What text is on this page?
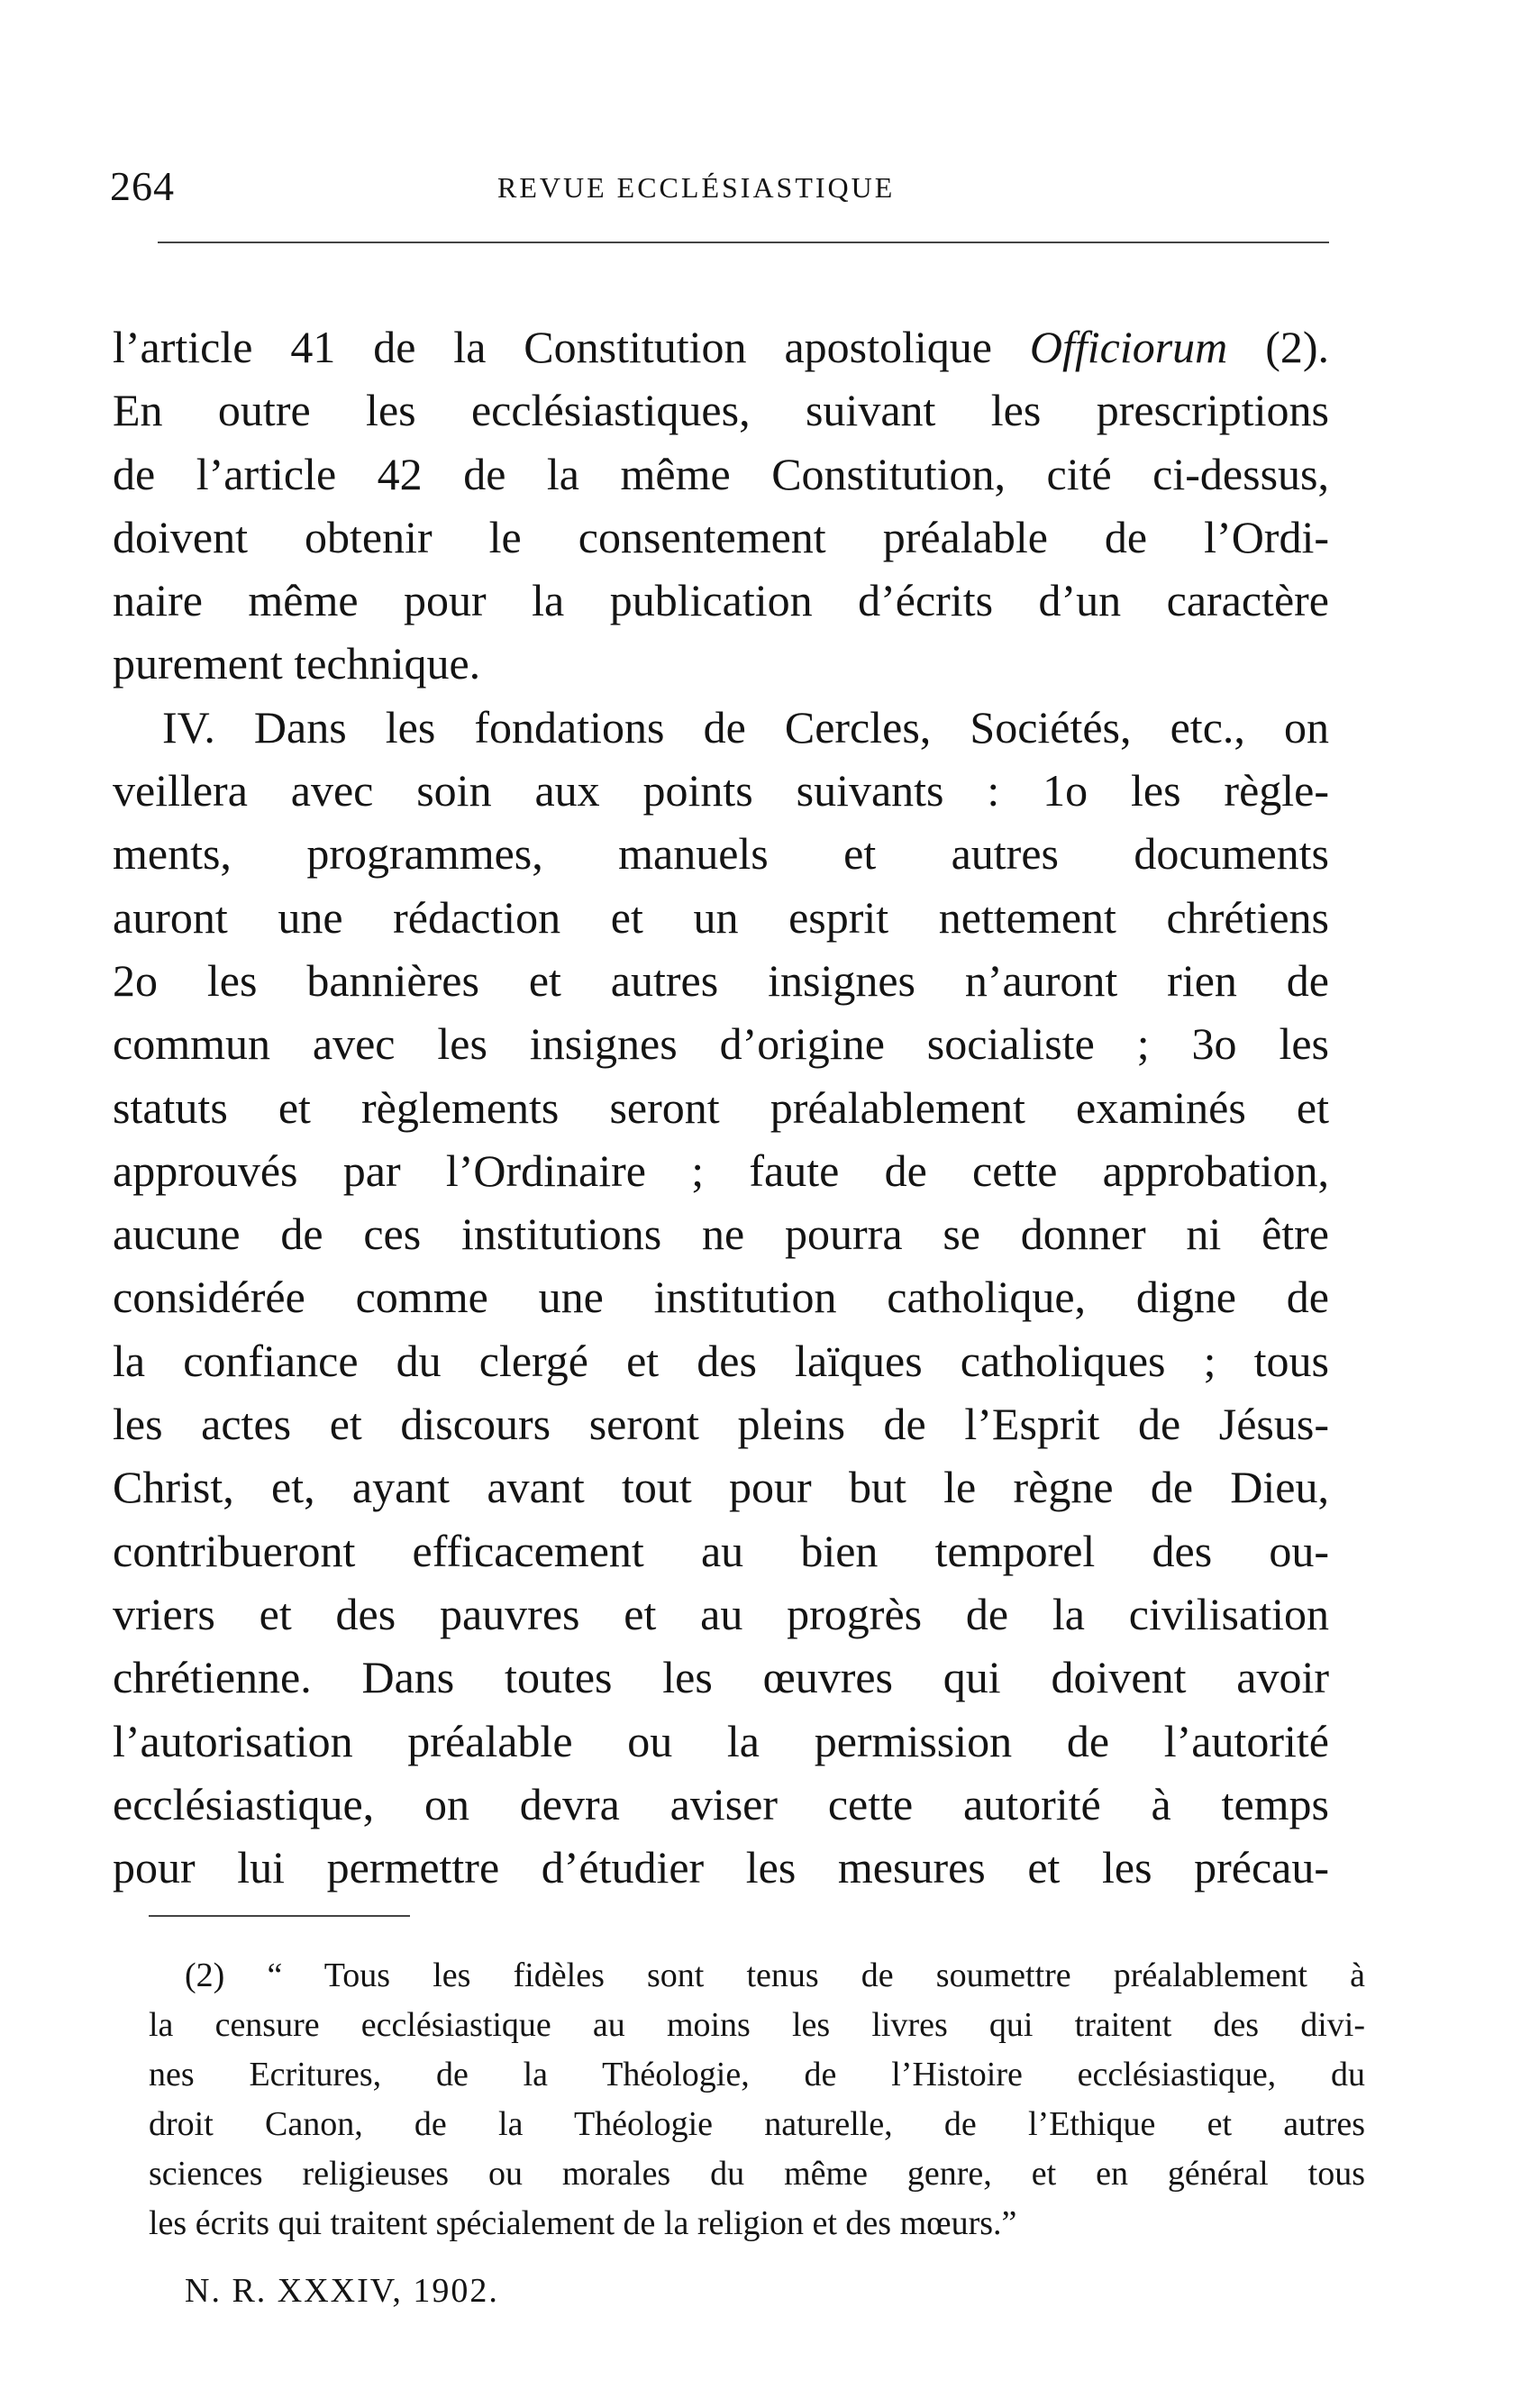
264	REVUE ECCLÉSIASTIQUE
l’article 41 de la Constitution apostolique Officiorum (2).
En outre les ecclésiastiques, suivant les prescriptions
de l’article 42 de la même Constitution, cité ci-dessus,
doivent obtenir le consentement préalable de l’Ordi-
naire même pour la publication d’écrits d’un caractère
purement technique.
IV. Dans les fondations de Cercles, Sociétés, etc., on
veillera avec soin aux points suivants : 1o les règle-
ments, programmes, manuels et autres documents
auront une rédaction et un esprit nettement chrétiens
2o les bannières et autres insignes n’auront rien de
commun avec les insignes d’origine socialiste ; 3o les
statuts et règlements seront préalablement examinés et
approuvés par l’Ordinaire ; faute de cette approbation,
aucune de ces institutions ne pourra se donner ni être
considérée comme une institution catholique, digne de
la confiance du clergé et des laïques catholiques ; tous
les actes et discours seront pleins de l’Esprit de Jésus-
Christ, et, ayant avant tout pour but le règne de Dieu,
contribueront efficacement au bien temporel des ou-
vriers et des pauvres et au progrès de la civilisation
chrétienne. Dans toutes les œuvres qui doivent avoir
l’autorisation préalable ou la permission de l’autorité
ecclésiastique, on devra aviser cette autorité à temps
pour lui permettre d’étudier les mesures et les précau-
(2) “ Tous les fidèles sont tenus de soumettre préalablement à
la censure ecclésiastique au moins les livres qui traitent des divi-
nes Ecritures, de la Théologie, de l’Histoire ecclésiastique, du
droit Canon, de la Théologie naturelle, de l’Ethique et autres
sciences religieuses ou morales du même genre, et en général tous
les écrits qui traitent spécialement de la religion et des mœurs.”
N. R. XXXIV, 1902.
